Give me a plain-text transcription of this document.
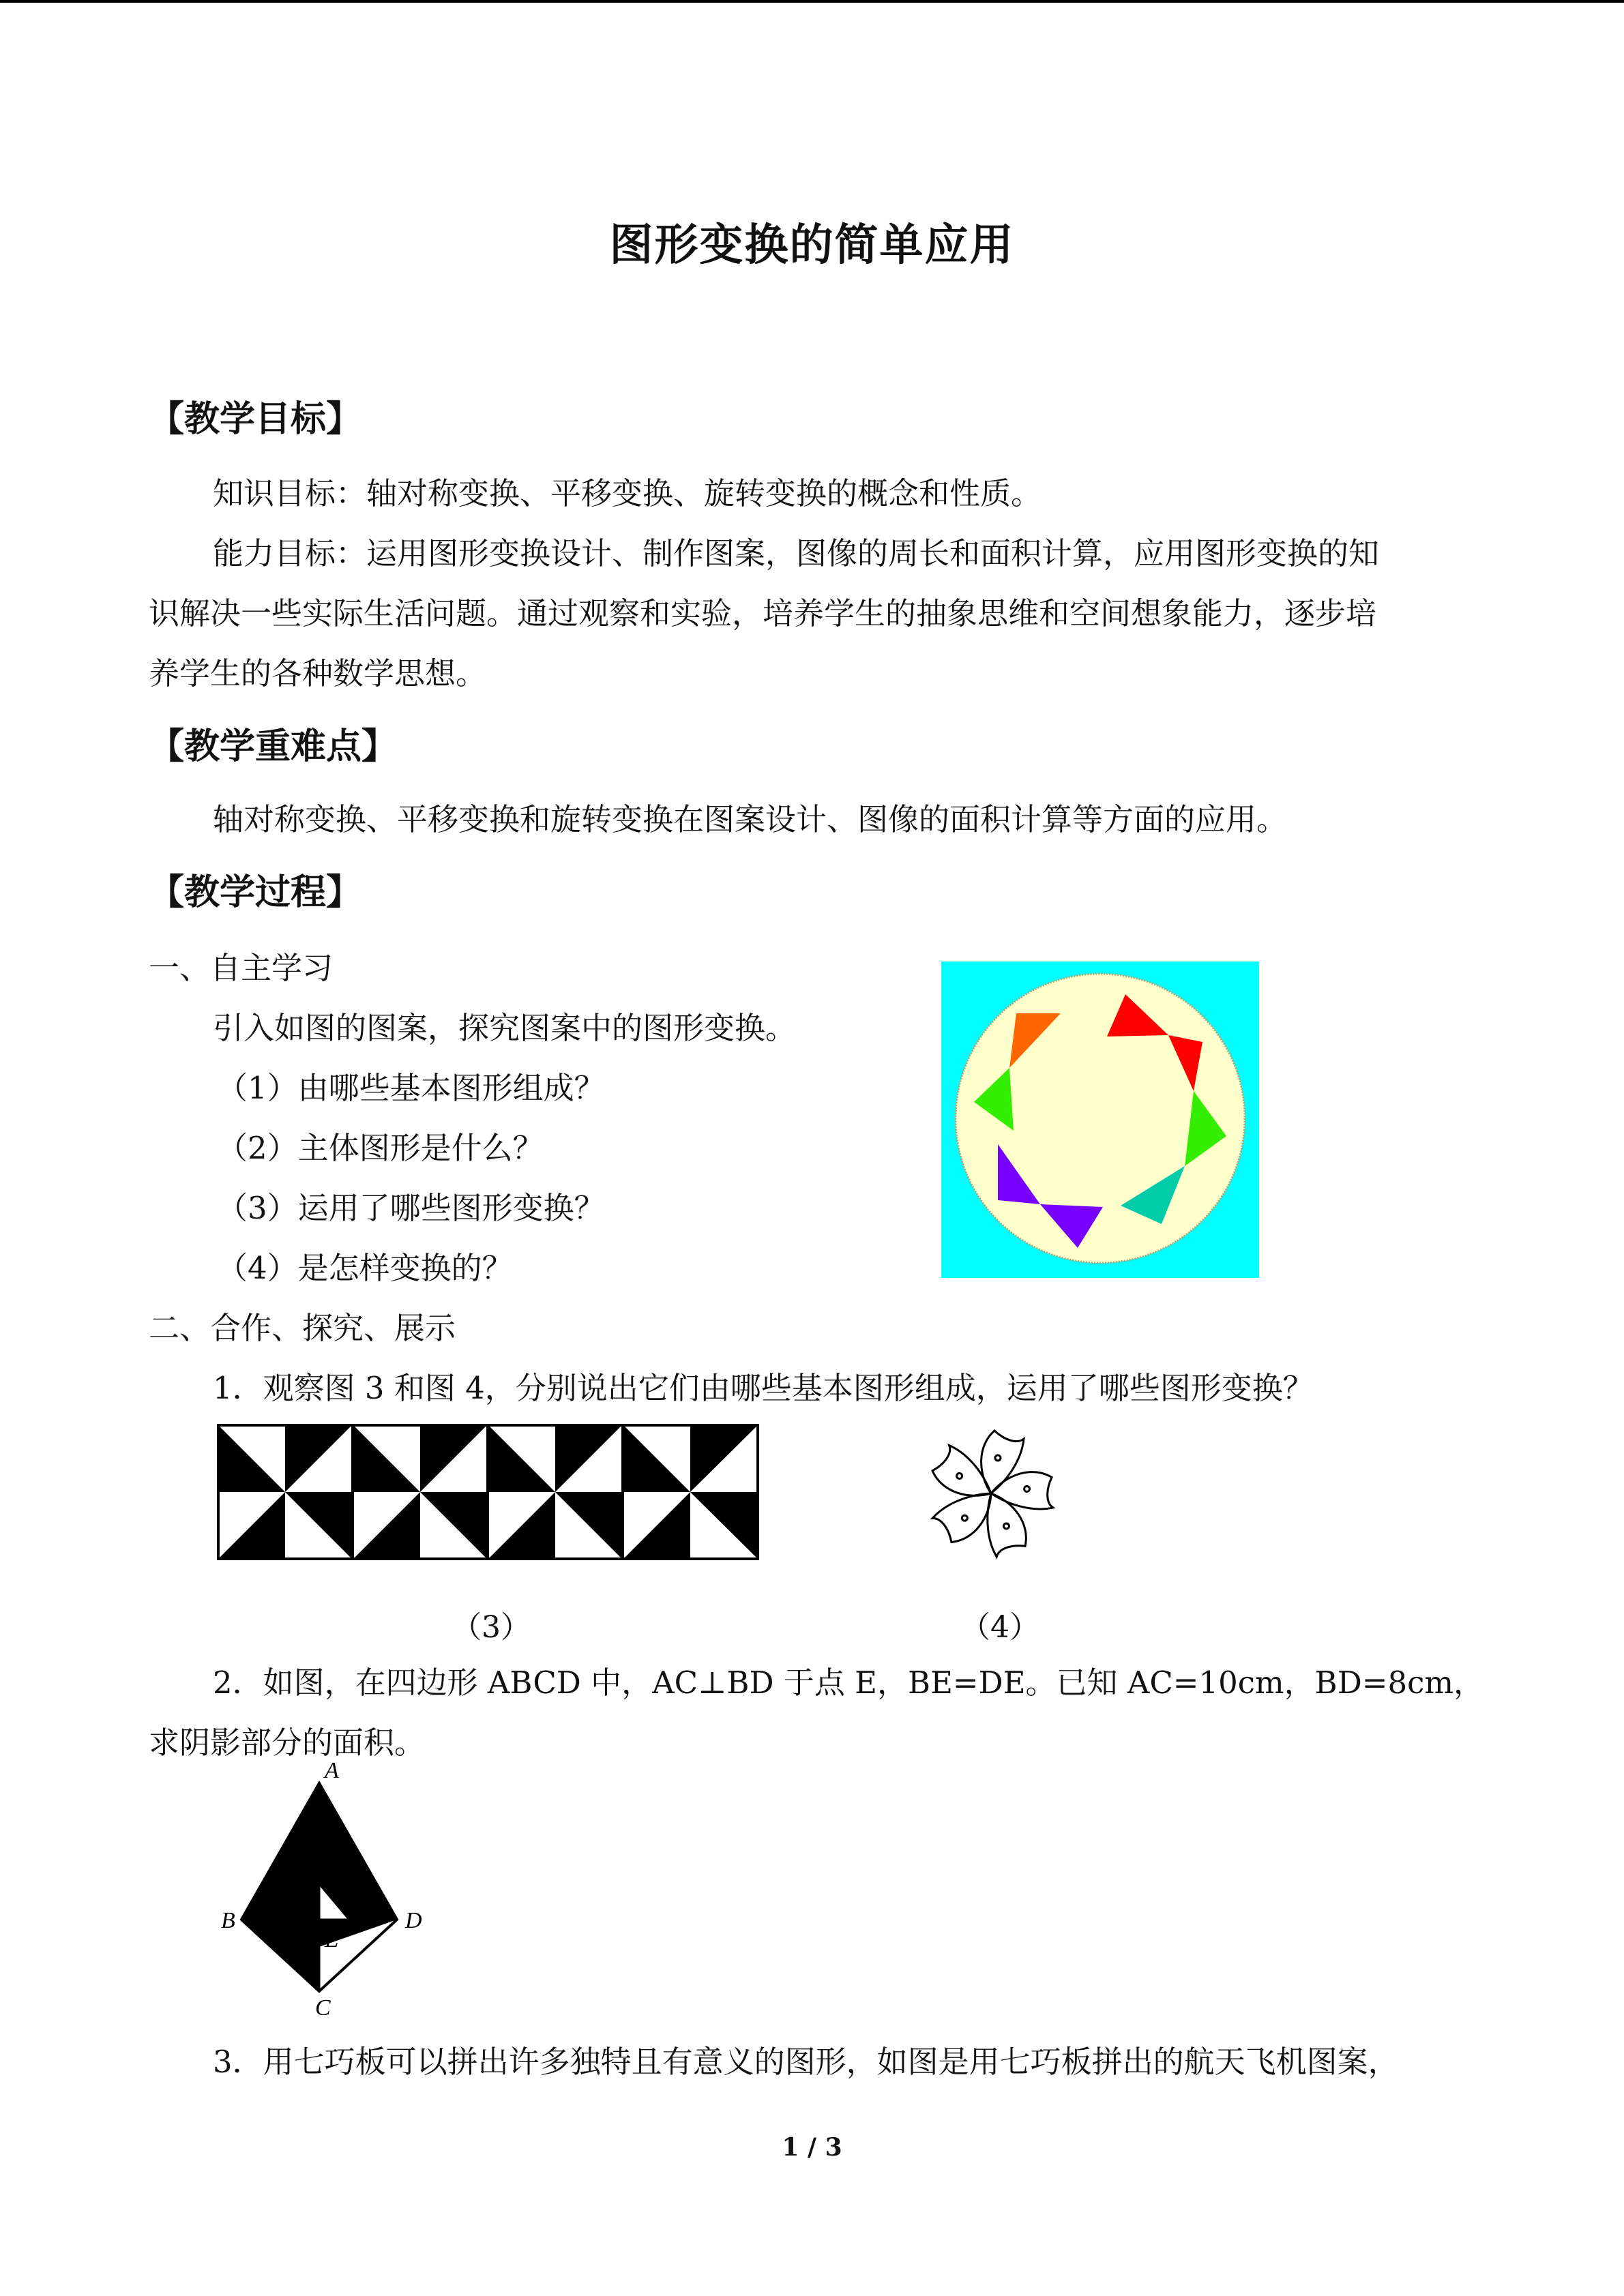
图形变换的简单应用
【教学目标】
知识目标：轴对称变换、平移变换、旋转变换的概念和性质。
能力目标：运用图形变换设计、制作图案，图像的周长和面积计算，应用图形变换的知
识解决一些实际生活问题。通过观察和实验，培养学生的抽象思维和空间想象能力，逐步培
养学生的各种数学思想。
【教学重难点】
轴对称变换、平移变换和旋转变换在图案设计、图像的面积计算等方面的应用。
【教学过程】
一、自主学习
引入如图的图案，探究图案中的图形变换。
（1）由哪些基本图形组成？
（2）主体图形是什么？
（3）运用了哪些图形变换？
（4）是怎样变换的？
二、合作、探究、展示
1．观察图 3 和图 4，分别说出它们由哪些基本图形组成，运用了哪些图形变换？
（3）	（4）
2．如图，在四边形 ABCD 中，AC⊥BD 于点 E，BE=DE。已知 AC=10cm，BD=8cm，
求阴影部分的面积。
A
B	D
E
C
3．用七巧板可以拼出许多独特且有意义的图形，如图是用七巧板拼出的航天飞机图案，
1 / 3
